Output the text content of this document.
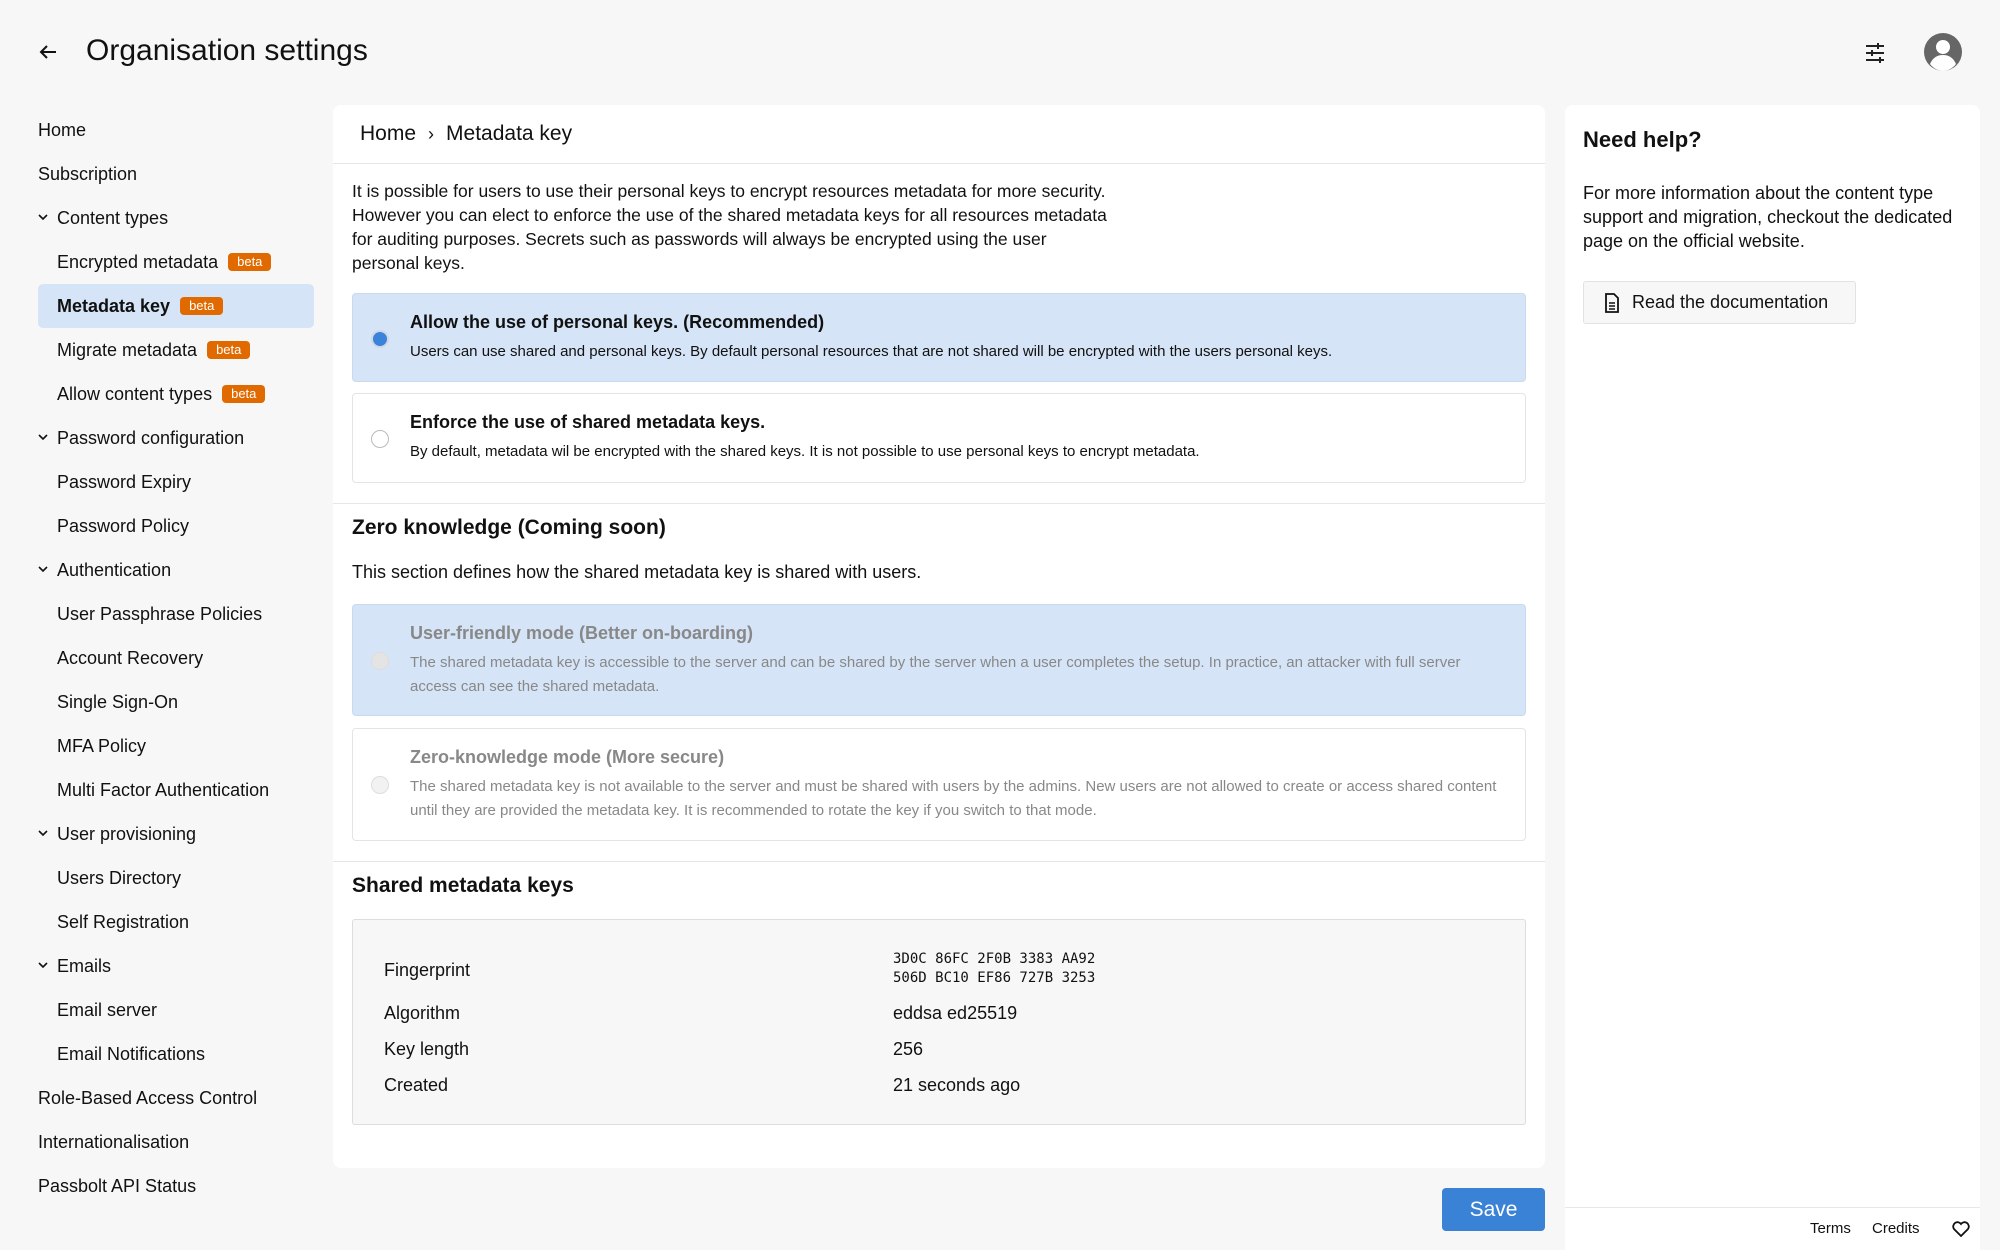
Organisation settings
Home
Subscription
Content types
Encrypted metadata	beta
Metadata key	beta
Migrate metadata	beta
Allow content types	beta
Password configuration
Password Expiry
Password Policy
Authentication
User Passphrase Policies
Account Recovery
Single Sign-On
MFA Policy
Multi Factor Authentication
User provisioning
Users Directory
Self Registration
Emails
Email server
Email Notifications
Role-Based Access Control
Internationalisation
Passbolt API Status
Home › Metadata key
It is possible for users to use their personal keys to encrypt resources metadata for more security. However you can elect to enforce the use of the shared metadata keys for all resources metadata for auditing purposes. Secrets such as passwords will always be encrypted using the user personal keys.
Allow the use of personal keys. (Recommended)
Users can use shared and personal keys. By default personal resources that are not shared will be encrypted with the users personal keys.
Enforce the use of shared metadata keys.
By default, metadata wil be encrypted with the shared keys. It is not possible to use personal keys to encrypt metadata.
Zero knowledge (Coming soon)
This section defines how the shared metadata key is shared with users.
User-friendly mode (Better on-boarding)
The shared metadata key is accessible to the server and can be shared by the server when a user completes the setup. In practice, an attacker with full server access can see the shared metadata.
Zero-knowledge mode (More secure)
The shared metadata key is not available to the server and must be shared with users by the admins. New users are not allowed to create or access shared content until they are provided the metadata key. It is recommended to rotate the key if you switch to that mode.
Shared metadata keys
Fingerprint
3D0C 86FC 2F0B 3383 AA92
506D BC10 EF86 727B 3253
Algorithm	eddsa ed25519
Key length	256
Created	21 seconds ago
Save
Need help?

For more information about the content type support and migration, checkout the dedicated page on the official website.

Read the documentation
Terms Credits
